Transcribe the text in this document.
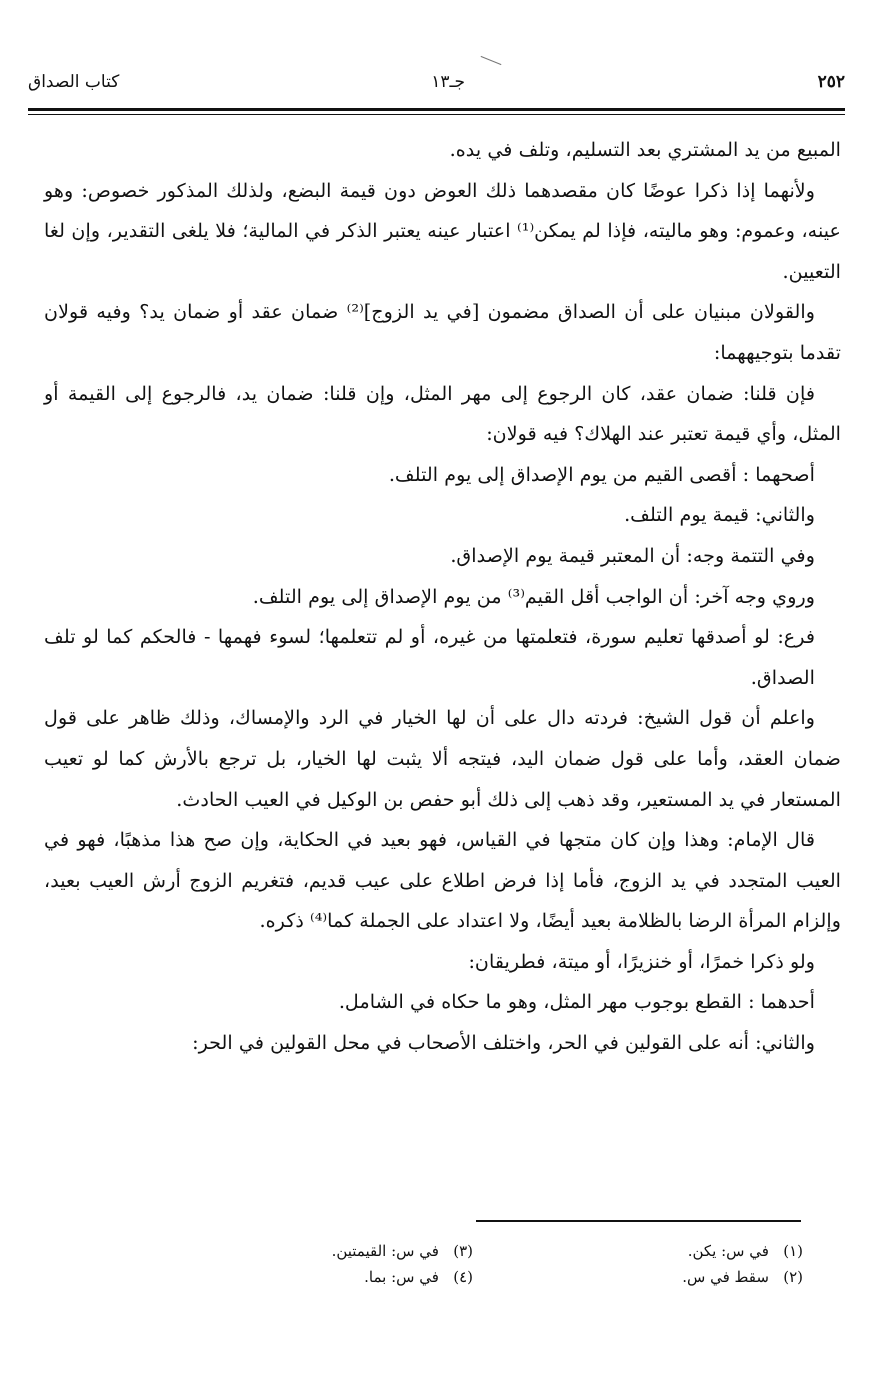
٢٥٢
جـ١٣
كتاب الصداق

المبيع من يد المشتري بعد التسليم، وتلف في يده.

ولأنهما إذا ذكرا عوضًا كان مقصدهما ذلك العوض دون قيمة البضع، ولذلك المذكور خصوص: وهو عينه، وعموم: وهو ماليته، فإذا لم يمكن⁽¹⁾ اعتبار عينه يعتبر الذكر في المالية؛ فلا يلغى التقدير، وإن لغا التعيين.

والقولان مبنيان على أن الصداق مضمون [في يد الزوج]⁽²⁾ ضمان عقد أو ضمان يد؟ وفيه قولان تقدما بتوجيههما:

فإن قلنا: ضمان عقد، كان الرجوع إلى مهر المثل، وإن قلنا: ضمان يد، فالرجوع إلى القيمة أو المثل، وأي قيمة تعتبر عند الهلاك؟ فيه قولان:

أصحهما : أقصى القيم من يوم الإصداق إلى يوم التلف.

والثاني: قيمة يوم التلف.

وفي التتمة وجه: أن المعتبر قيمة يوم الإصداق.

وروي وجه آخر: أن الواجب أقل القيم⁽³⁾ من يوم الإصداق إلى يوم التلف.

فرع: لو أصدقها تعليم سورة، فتعلمتها من غيره، أو لم تتعلمها؛ لسوء فهمها - فالحكم كما لو تلف الصداق.

واعلم أن قول الشيخ: فردته دال على أن لها الخيار في الرد والإمساك، وذلك ظاهر على قول ضمان العقد، وأما على قول ضمان اليد، فيتجه ألا يثبت لها الخيار، بل ترجع بالأرش كما لو تعيب المستعار في يد المستعير، وقد ذهب إلى ذلك أبو حفص بن الوكيل في العيب الحادث.

قال الإمام: وهذا وإن كان متجها في القياس، فهو بعيد في الحكاية، وإن صح هذا مذهبًا، فهو في العيب المتجدد في يد الزوج، فأما إذا فرض اطلاع على عيب قديم، فتغريم الزوج أرش العيب بعيد، وإلزام المرأة الرضا بالظلامة بعيد أيضًا، ولا اعتداد على الجملة كما⁽⁴⁾ ذكره.

ولو ذكرا خمرًا، أو خنزيرًا، أو ميتة، فطريقان:

أحدهما : القطع بوجوب مهر المثل، وهو ما حكاه في الشامل.

والثاني: أنه على القولين في الحر، واختلف الأصحاب في محل القولين في الحر:

(١)   في س: يكن.
(٢)   سقط في س.
(٣)   في س: القيمتين.
(٤)   في س: بما.
